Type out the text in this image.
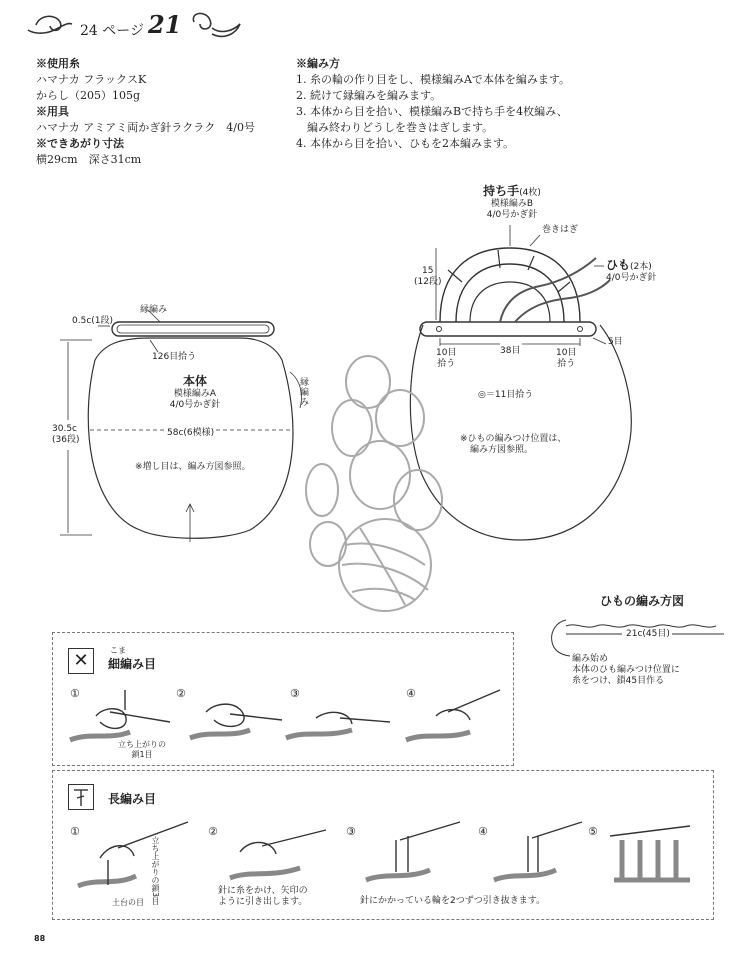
24 ページ 21
※使用糸
ハマナカ フラックスK
からし（205）105g
※用具
ハマナカ アミアミ両かぎ針ラクラク　4/0号
※できあがり寸法
横29cm　深さ31cm
※編み方
1. 糸の輪の作り目をし、模様編みAで本体を編みます。
2. 続けて縁編みを編みます。
3. 本体から目を拾い、模様編みBで持ち手を4枚編み、
　編み終わりどうしを巻きはぎします。
4. 本体から目を拾い、ひもを2本編みます。
縁編み
0.5c(1段)
126目拾う
縁
編
み
本体
模様編みA
4/0号かぎ針
58c(6模様)
30.5c
(36段)
※増し目は、編み方図参照。
持ち手(4枚)
模様編みB
4/0号かぎ針
巻きはぎ
15
(12段)
ひも(2本)
4/0号かぎ針
38目
5目
10目
拾う
10目
拾う
◎＝11目拾う
※ひもの編みつけ位置は、
編み方図参照。
ひもの編み方図
21c(45目)
編み始め
本体のひも編みつけ位置に
糸をつけ、鎖45目作る
✕	こま
細編み目
①	②	③	④
立ち上がりの
鎖1目
長編み目
①	②	③	④	⑤
立ち上がりの鎖3目
土台の目
針に糸をかけ、矢印の
ように引き出します。	針にかかっている輪を2つずつ引き抜きます。
88
